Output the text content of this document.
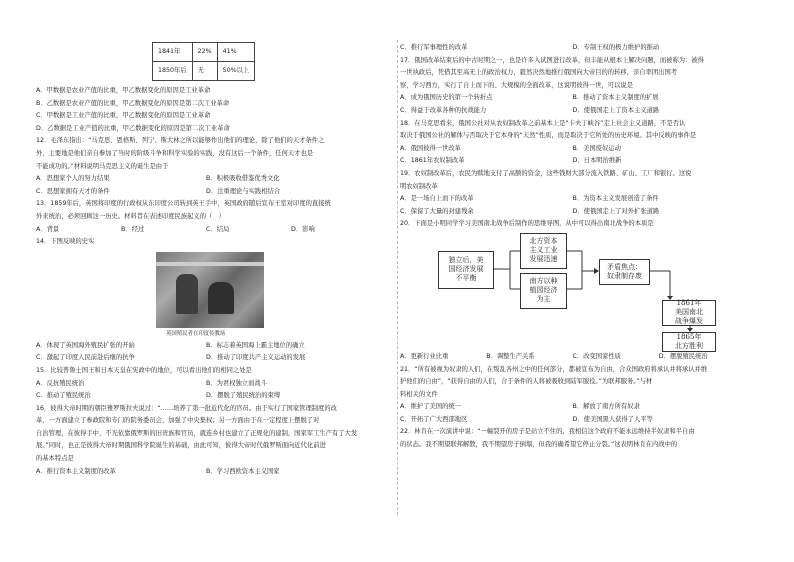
1841年	22%	41%
1850年后	无	50%以上
A．甲数据是农业产值的比重，甲乙数据变化的原因是工业革命
B．乙数据是农业产值的比重，甲乙数据变化的原因是第二次工业革命
C．甲数据是工业产值的比重，甲乙数据变化的原因是工业革命
D．乙数据是工业产值的比重，甲乙数据变化的原因是第二次工业革命
12．毛泽东指出：“马克思、恩格斯、列宁、斯大林之所以能够作出他们的理论，除了他们的天才条件之
外，主要地是他们亲自参加了当时的阶级斗争和科学实验的实践，没有这后一个条件，任何天才也是
不能成功的。”材料说明马克思主义的诞生是由于
A．思想家个人的努力结果	B．积极吸收借鉴优秀文化
C．思想家拥有天才的条件	D．注重理论与实践相结合
13．1859年后，英国将印度的行政权从东印度公司转到英王手中，英国政府随后宣布王室对印度的直接统
外来统治，必须回顾这一历史。材料旨在表述印度民族起义的（　）
A．背景	B．经过	C．结局	D．影响
14．下图反映的史实
英国殖民者在印度传教场
A．体现了英国海外殖民扩张的开始	B．标志着英国海上霸主地位的确立
C．激起了印度人民前赴后继的抗争	D．推动了印度共产主义运动的发展
15．比较普鲁士国王和日本天皇在宪政中的地位，可以看出他们的相同之处是
A．反抗殖民统治	B．为君权独立而战斗
C．推动了殖民统治	D．摆脱了殖民统治的束缚
16．彼得大帝时期的朝臣雅罗斯拉夫说过：“……培养了第一批近代化的官员。由于实行了国家管理制度的改
革，一方面建立了参政院和专门的院务委员会，加强了中央集权；另一方面由于在一定程度上摆脱了对
自治管理，在彼得手中，不光依靠俄罗斯的旧贵族和官员，就连乡村也建立了正规化的建制，国家军工生产有了大发
展。”同时，也正是彼得大帝时期俄国科学院诞生的基础，由此可知，彼得大帝时代俄罗斯面向近代化前进
的基本特点是
A．推行资本主义制度的改革	B．学习西欧资本主义国家
C．推行军事理性的改革	D．专制王权的极力维护的推动
17．俄国改革结束后的中古时期之一，也是许多入试图进行改革，但丰能从根本上解决问题，而被称为：被得
一世执政后，凭借其至高无上的政治权力，毅然决然地推行俄国向大帝目的的转移，亲自率团出国考
察，学习西方，实行了自上而下的、大规模的全面改革，这说明彼得一世，可以说是
A．成为俄国历史的第一个转折点	B．推动了资本主义制度的扩展
C．得益于改革各种的抗战能力	D．使俄国走上了资本主义道路
18．在马克思看来，俄国公社对从农奴制改革之前基本上是“卡夫丁峡谷”走上社会主义道路，不是否认
取决于俄国公社的解体与否取决于它本身的“天然”性质，而是取决于它所处的历史环境。其中反映的事件是
A．俄国彼得一世改革	B．美国废奴运动
C．1861年农奴制改革	D．日本明治维新
19．农奴制改革后，农民为赎地支付了高额的资金，这些钱财大部分流入铁路、矿山、工厂和银行。这说
明农奴制改革
A．是一场自上而下的改革	B．为资本主义发展创造了条件
C．保留了大量的封建残余	D．使俄国走上了对外扩张道路
20．下面是小明同学学习美国南北战争后制作的思维导图，从中可以得出南北战争的本质是
独立后，美
国经济发展
不平衡
北方资本
主义工业
发展迅速
南方以种
植园经济
为主
矛盾焦点：
奴隶制存废
1861年
美国南北
战争爆发
1865年
北方胜利
A．更新行业比重	B．调整生产关系	C．改变国家性质	D．摆脱殖民统治
21．“所有被视为奴隶的人们，在叛乱各州之中的任何部分，都被宣布为自由，合众国政府将承认并将承认并维
护他们的自由”，“获得自由的人们，合于条件的人将被吸收到陆军服役。”为联邦服务。”与材
料相关的文件
A．维护了美国的统一	B．解放了南方所有奴隶
C．开拓了广大西部地区	D．使美国黑人获得了人平等
22．林肯在一次演讲中说：“一幢裂开的房子是站立不住的，我相信这个政府不能永远维持半奴隶和半自由
的状态。我不期望联邦解散，我不期望房子倒塌，但我的确希望它停止分裂。”这表明林肯在内战中的
